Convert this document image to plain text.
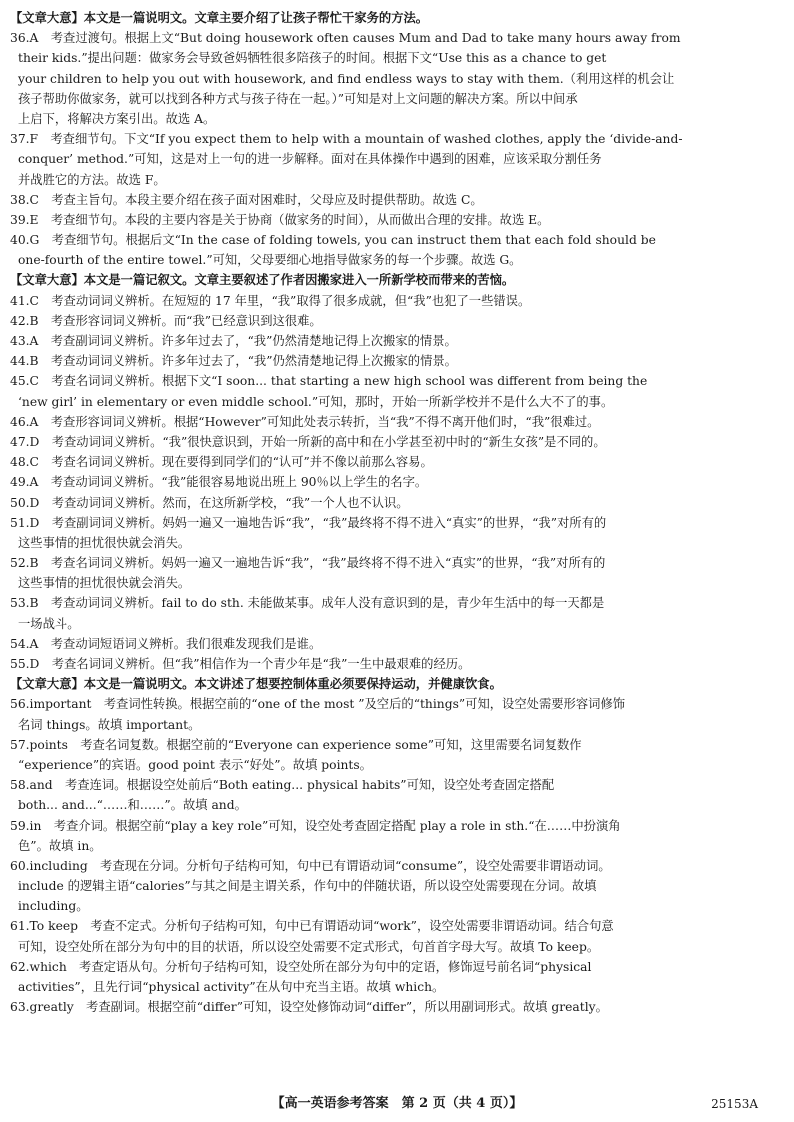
【文章大意】本文是一篇说明文。文章主要介绍了让孩子帮忙干家务的方法。
36.A　考查过渡句。根据上文“But doing housework often causes Mum and Dad to take many hours away from
their kids.”提出问题：做家务会导致爸妈牺牲很多陪孩子的时间。根据下文“Use this as a chance to get
your children to help you out with housework, and find endless ways to stay with them.（利用这样的机会让
孩子帮助你做家务，就可以找到各种方式与孩子待在一起。）”可知是对上文问题的解决方案。所以中间承
上启下，将解决方案引出。故选 A。
37.F　考查细节句。下文“If you expect them to help with a mountain of washed clothes, apply the ‘divide-and-
conquer’ method.”可知，这是对上一句的进一步解释。面对在具体操作中遇到的困难，应该采取分割任务
并战胜它的方法。故选 F。
38.C　考查主旨句。本段主要介绍在孩子面对困难时，父母应及时提供帮助。故选 C。
39.E　考查细节句。本段的主要内容是关于协商（做家务的时间），从而做出合理的安排。故选 E。
40.G　考查细节句。根据后文“In the case of folding towels, you can instruct them that each fold should be
one-fourth of the entire towel.”可知，父母要细心地指导做家务的每一个步骤。故选 G。
【文章大意】本文是一篇记叙文。文章主要叙述了作者因搬家进入一所新学校而带来的苦恼。
41.C　考查动词词义辨析。在短短的 17 年里，“我”取得了很多成就，但“我”也犯了一些错误。
42.B　考查形容词词义辨析。而“我”已经意识到这很难。
43.A　考查副词词义辨析。许多年过去了，“我”仍然清楚地记得上次搬家的情景。
44.B　考查动词词义辨析。许多年过去了，“我”仍然清楚地记得上次搬家的情景。
45.C　考查名词词义辨析。根据下文“I soon... that starting a new high school was different from being the
‘new girl’ in elementary or even middle school.”可知，那时，开始一所新学校并不是什么大不了的事。
46.A　考查形容词词义辨析。根据“However”可知此处表示转折，当“我”不得不离开他们时，“我”很难过。
47.D　考查动词词义辨析。“我”很快意识到，开始一所新的高中和在小学甚至初中时的“新生女孩”是不同的。
48.C　考查名词词义辨析。现在要得到同学们的“认可”并不像以前那么容易。
49.A　考查动词词义辨析。“我”能很容易地说出班上 90％以上学生的名字。
50.D　考查动词词义辨析。然而，在这所新学校，“我”一个人也不认识。
51.D　考查副词词义辨析。妈妈一遍又一遍地告诉“我”，“我”最终将不得不进入“真实”的世界，“我”对所有的
这些事情的担忧很快就会消失。
52.B　考查名词词义辨析。妈妈一遍又一遍地告诉“我”，“我”最终将不得不进入“真实”的世界，“我”对所有的
这些事情的担忧很快就会消失。
53.B　考查动词词义辨析。fail to do sth. 未能做某事。成年人没有意识到的是，青少年生活中的每一天都是
一场战斗。
54.A　考查动词短语词义辨析。我们很难发现我们是谁。
55.D　考查名词词义辨析。但“我”相信作为一个青少年是“我”一生中最艰难的经历。
【文章大意】本文是一篇说明文。本文讲述了想要控制体重必须要保持运动，并健康饮食。
56.important　考查词性转换。根据空前的“one of the most ”及空后的“things”可知，设空处需要形容词修饰
名词 things。故填 important。
57.points　考查名词复数。根据空前的“Everyone can experience some”可知，这里需要名词复数作
“experience”的宾语。good point 表示“好处”。故填 points。
58.and　考查连词。根据设空处前后“Both eating... physical habits”可知，设空处考查固定搭配
both... and...“……和……”。故填 and。
59.in　考查介词。根据空前“play a key role”可知，设空处考查固定搭配 play a role in sth.“在……中扮演角
色”。故填 in。
60.including　考查现在分词。分析句子结构可知，句中已有谓语动词“consume”，设空处需要非谓语动词。
include 的逻辑主语“calories”与其之间是主谓关系，作句中的伴随状语，所以设空处需要现在分词。故填
including。
61.To keep　考查不定式。分析句子结构可知，句中已有谓语动词“work”，设空处需要非谓语动词。结合句意
可知，设空处所在部分为句中的目的状语，所以设空处需要不定式形式，句首首字母大写。故填 To keep。
62.which　考查定语从句。分析句子结构可知，设空处所在部分为句中的定语，修饰逗号前名词“physical
activities”，且先行词“physical activity”在从句中充当主语。故填 which。
63.greatly　考查副词。根据空前“differ”可知，设空处修饰动词“differ”，所以用副词形式。故填 greatly。
【高一英语参考答案　第 2 页（共 4 页）】	25153A
